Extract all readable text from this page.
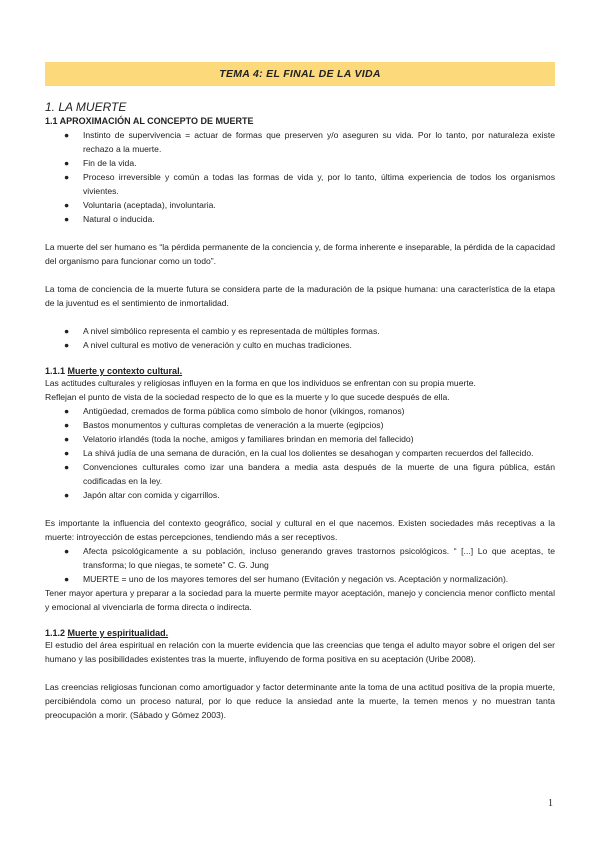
TEMA 4: EL FINAL DE LA VIDA
1. LA MUERTE
1.1 APROXIMACIÓN AL CONCEPTO DE MUERTE
● Instinto de supervivencia = actuar de formas que preserven y/o aseguren su vida. Por lo tanto, por naturaleza existe rechazo a la muerte.
● Fin de la vida.
● Proceso irreversible y común a todas las formas de vida y, por lo tanto, última experiencia de todos los organismos vivientes.
● Voluntaria (aceptada), involuntaria.
● Natural o inducida.

La muerte del ser humano es “la pérdida permanente de la conciencia y, de forma inherente e inseparable, la pérdida de la capacidad del organismo para funcionar como un todo”.

La toma de conciencia de la muerte futura se considera parte de la maduración de la psique humana: una característica de la etapa de la juventud es el sentimiento de inmortalidad.

● A nivel simbólico representa el cambio y es representada de múltiples formas.
● A nivel cultural es motivo de veneración y culto en muchas tradiciones.
1.1.1 Muerte y contexto cultural.

Las actitudes culturales y religiosas influyen en la forma en que los individuos se enfrentan con su propia muerte.

Reflejan el punto de vista de la sociedad respecto de lo que es la muerte y lo que sucede después de ella.

● Antigüedad, cremados de forma pública como símbolo de honor (vikingos, romanos)
● Bastos monumentos y culturas completas de veneración a la muerte (egipcios)
● Velatorio irlandés (toda la noche, amigos y familiares brindan en memoria del fallecido)
● La shivá judía de una semana de duración, en la cual los dolientes se desahogan y comparten recuerdos del fallecido.
● Convenciones culturales como izar una bandera a media asta después de la muerte de una figura pública, están codificadas en la ley.
● Japón altar con comida y cigarrillos.

Es importante la influencia del contexto geográfico, social y cultural en el que nacemos. Existen sociedades más receptivas a la muerte: introyección de estas percepciones, tendiendo más a ser receptivos.

● Afecta psicológicamente a su población, incluso generando graves trastornos psicológicos. “ [...] Lo que aceptas, te transforma; lo que niegas, te somete” C. G. Jung
● MUERTE = uno de los mayores temores del ser humano (Evitación y negación vs. Aceptación y normalización).

Tener mayor apertura y preparar a la sociedad para la muerte permite mayor aceptación, manejo y conciencia menor conflicto mental y emocional al vivenciarla de forma directa o indirecta.

1.1.2 Muerte y espiritualidad.

El estudio del área espiritual en relación con la muerte evidencia que las creencias que tenga el adulto mayor sobre el origen del ser humano y las posibilidades existentes tras la muerte, influyendo de forma positiva en su aceptación (Uribe 2008).

Las creencias religiosas funcionan como amortiguador y factor determinante ante la toma de una actitud positiva de la propia muerte, percibiéndola como un proceso natural, por lo que reduce la ansiedad ante la muerte, la temen menos y no muestran tanta preocupación a morir. (Sábado y Gómez 2003).

1
